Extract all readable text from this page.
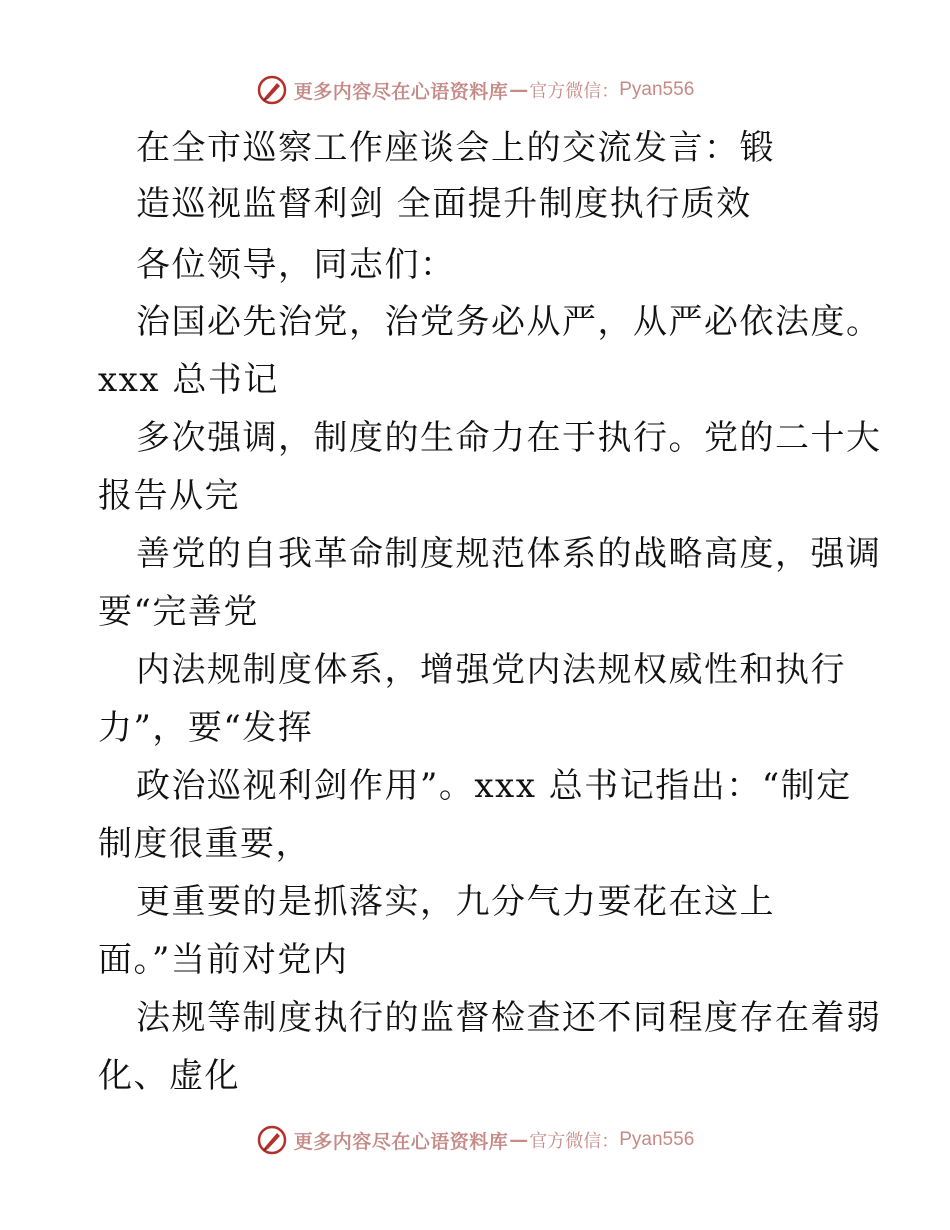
更多内容尽在心语资料库 — 官方微信： Pyan556
在全市巡察工作座谈会上的交流发言：锻
造巡视监督利剑 全面提升制度执行质效
各位领导，同志们：
治国必先治党，治党务必从严，从严必依法度。
xxx 总书记
多次强调，制度的生命力在于执行。党的二十大
报告从完
善党的自我革命制度规范体系的战略高度，强调
要“完善党
内法规制度体系，增强党内法规权威性和执行
力”，要“发挥
政治巡视利剑作用”。xxx 总书记指出：“制定
制度很重要，
更重要的是抓落实，九分气力要花在这上
面。”当前对党内
法规等制度执行的监督检查还不同程度存在着弱
化、虚化
更多内容尽在心语资料库 — 官方微信： Pyan556
